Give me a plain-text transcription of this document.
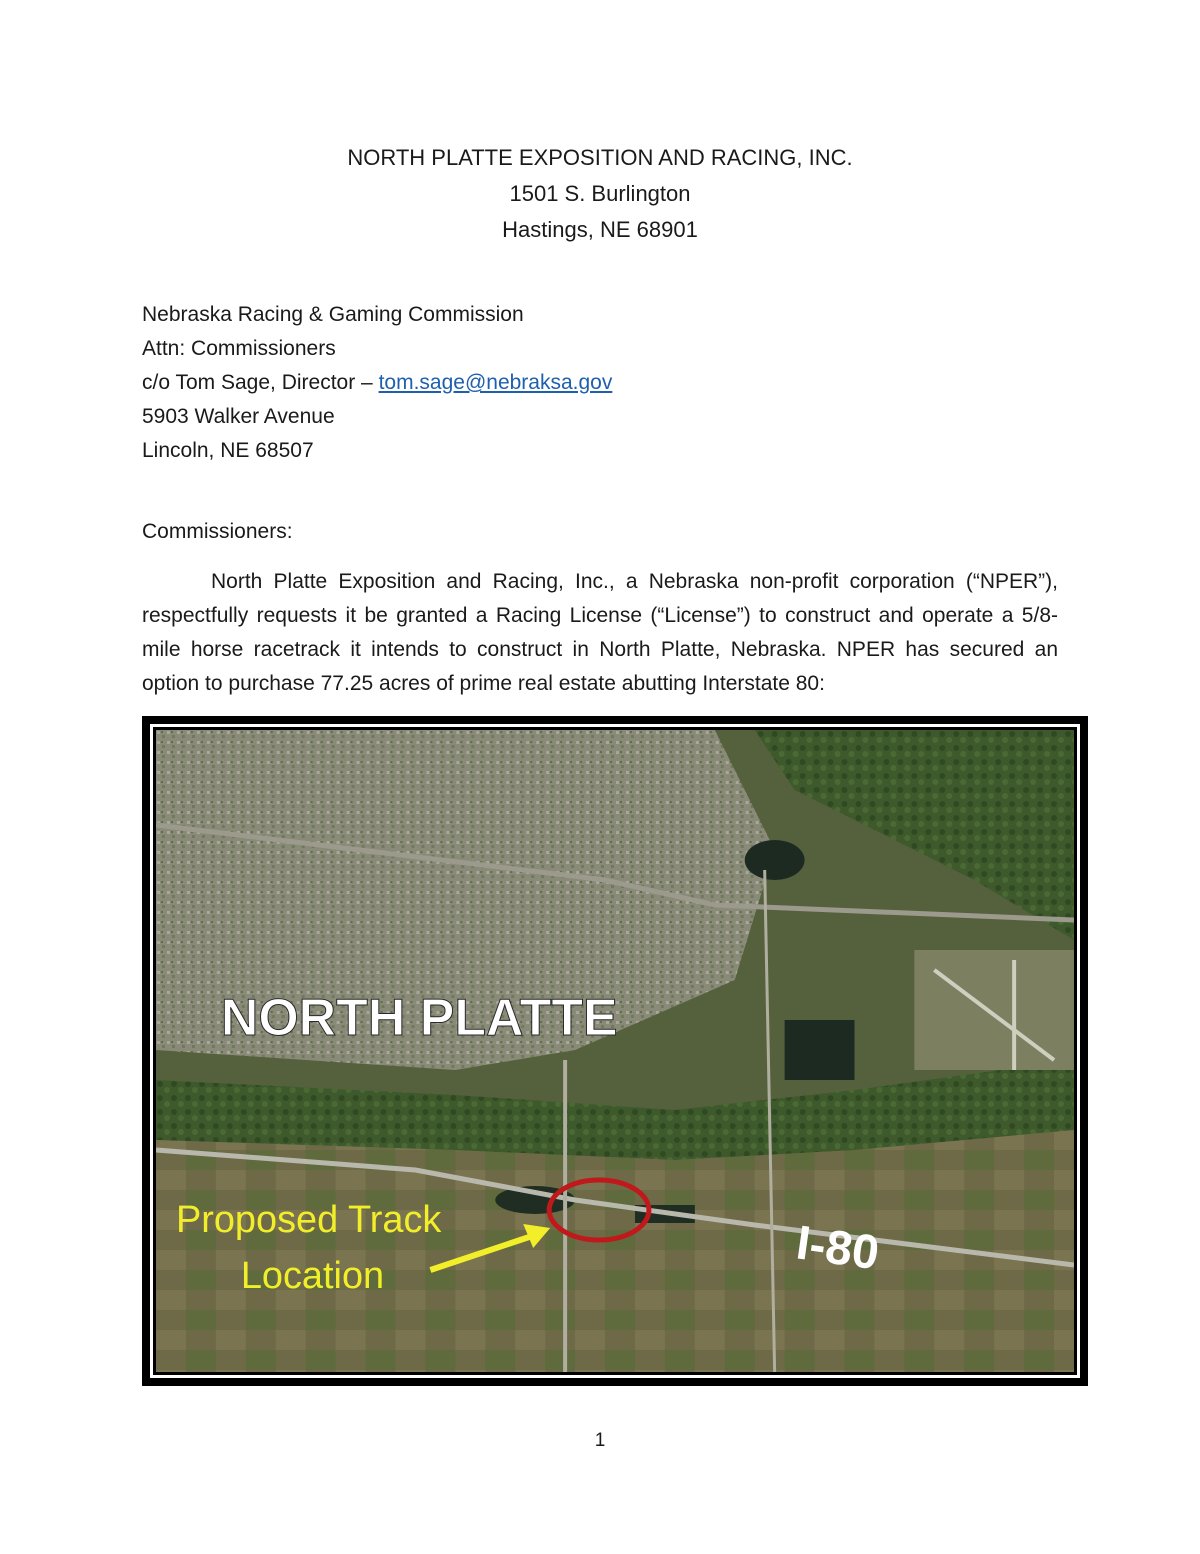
NORTH PLATTE EXPOSITION AND RACING, INC.
1501 S. Burlington
Hastings, NE 68901
Nebraska Racing & Gaming Commission
Attn: Commissioners
c/o Tom Sage, Director – tom.sage@nebraksa.gov
5903 Walker Avenue
Lincoln, NE 68507
Commissioners:

North Platte Exposition and Racing, Inc., a Nebraska non-profit corporation (“NPER”), respectfully requests it be granted a Racing License (“License”) to construct and operate a 5/8-mile horse racetrack it intends to construct in North Platte, Nebraska. NPER has secured an option to purchase 77.25 acres of prime real estate abutting Interstate 80:

NORTH PLATTE
Proposed Track
Location	I-80
1
